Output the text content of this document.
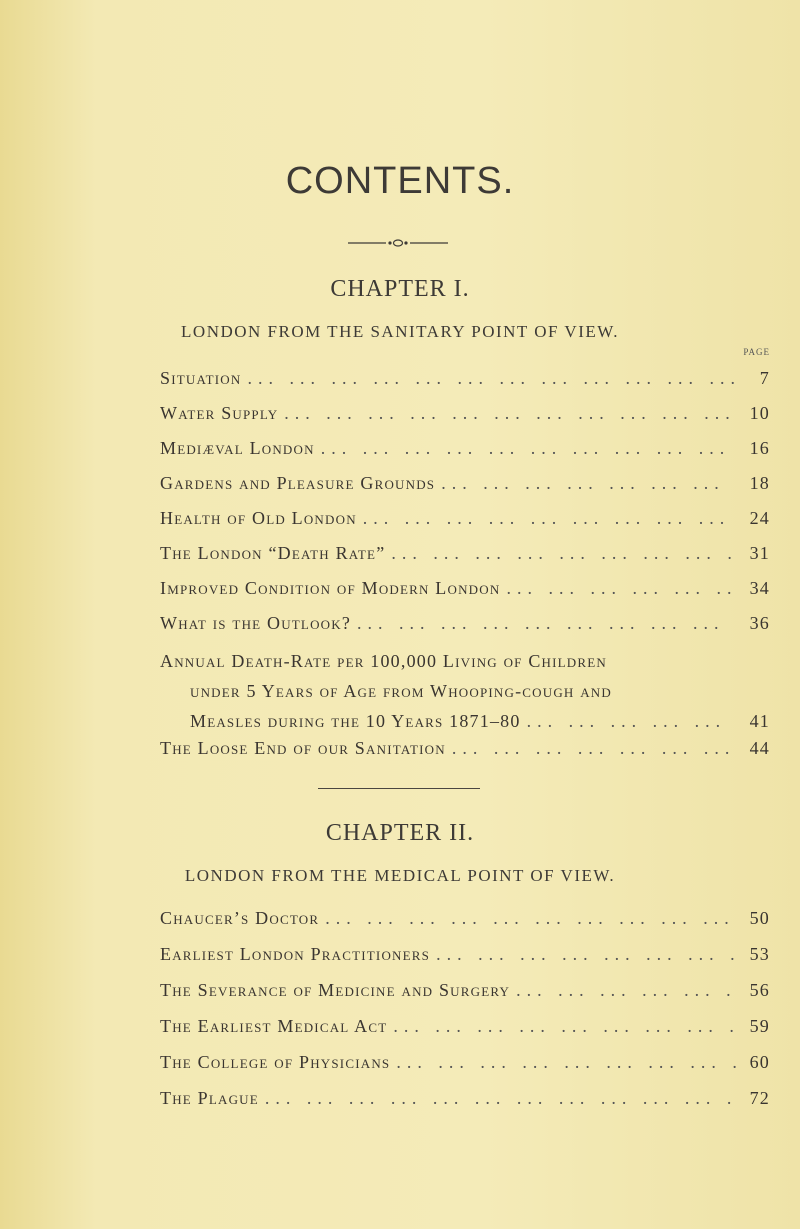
CONTENTS.
CHAPTER I.
LONDON FROM THE SANITARY POINT OF VIEW.
PAGE
Situation ... .	7
Water Supply ... .	10
Mediæval London ... .	16
Gardens and Pleasure Grounds ... .	18
Health of Old London ... .	24
The London “Death Rate” ... .	31
Improved Condition of Modern London ... .	34
What is the Outlook? ... .	36
Annual Death-Rate per 100,000 Living of Children
under 5 Years of Age from Whooping-cough and
Measles during the 10 Years 1871–80 ... .	41
The Loose End of our Sanitation ... .	44
CHAPTER II.
LONDON FROM THE MEDICAL POINT OF VIEW.
Chaucer’s Doctor ... .	50
Earliest London Practitioners ... .	53
The Severance of Medicine and Surgery ... .	56
The Earliest Medical Act ... .	59
The College of Physicians ... .	60
The Plague ... .	72
